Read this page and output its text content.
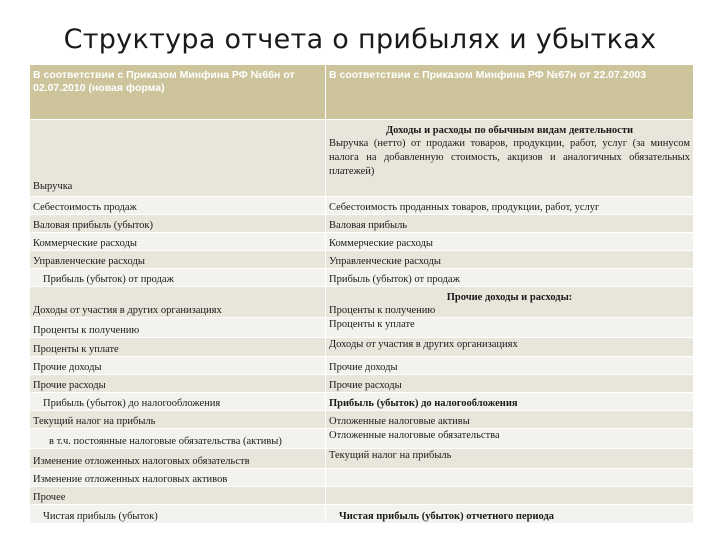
Структура отчета о прибылях и убытках
В соответствии с Приказом Минфина РФ №66н от 02.07.2010 (новая форма)	В соответствии с Приказом Минфина РФ №67н от 22.07.2003
Выручка	Доходы и расходы по обычным видам деятельности
Выручка (нетто) от продажи товаров, продукции, работ, услуг (за минусом налога на добавленную стоимость, акцизов и аналогичных обязательных платежей)

Себестоимость продаж	Себестоимость проданных товаров, продукции, работ, услуг
Валовая прибыль (убыток)	Валовая прибыль
Коммерческие расходы	Коммерческие расходы
Управленческие расходы	Управленческие расходы
Прибыль (убыток) от продаж	Прибыль (убыток) от продаж
Доходы от участия в других организациях	Прочие доходы и расходы:
Проценты к получению
Проценты к получению	Проценты к уплате
Проценты к уплате	Доходы от участия в других организациях
Прочие доходы	Прочие доходы
Прочие расходы	Прочие расходы
Прибыль (убыток) до налогообложения	Прибыль (убыток) до налогообложения
Текущий налог на прибыль	Отложенные налоговые активы
в т.ч. постоянные налоговые обязательства (активы)	Отложенные налоговые обязательства
Изменение отложенных налоговых обязательств	Текущий налог на прибыль
Изменение отложенных налоговых активов	
Прочее	
Чистая прибыль (убыток)	Чистая прибыль (убыток) отчетного периода
